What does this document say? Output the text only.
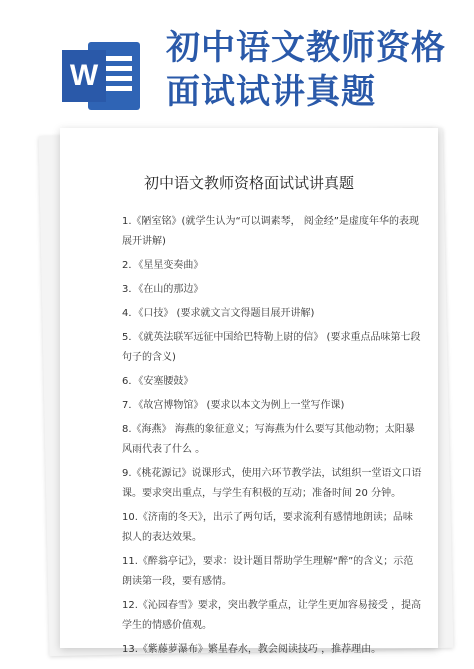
W
初中语文教师资格面试试讲真题
初中语文教师资格面试试讲真题
1.《陋室铭》(就学生认为“可以调素琴， 阅金经”是虚度年华的表现展开讲解)
2．《星星变奏曲》
3．《在山的那边》
4．《口技》 (要求就文言文得题目展开讲解)
5．《就英法联军远征中国给巴特勒上尉的信》 (要求重点品味第七段句子的含义)
6．《安塞腰鼓》
7．《故宫博物馆》 (要求以本文为例上一堂写作课)
8.《海燕》 海燕的象征意义；写海燕为什么要写其他动物；太阳暴风雨代表了什么 。
9.《桃花源记》说课形式，使用六环节教学法，试组织一堂语文口语课。要求突出重点，与学生有积极的互动；准备时间 20 分钟。
10.《济南的冬天》，出示了两句话，要求流利有感情地朗读；品味拟人的表达效果。
11.《醉翁亭记》，要求：设计题目帮助学生理解“醉”的含义；示范朗读第一段，要有感情。
12.《沁园春雪》要求，突出教学重点，让学生更加容易接受 ，提高学生的情感价值观。
13.《紫藤萝瀑布》繁星春水，教会阅读技巧 ，推荐理由。
